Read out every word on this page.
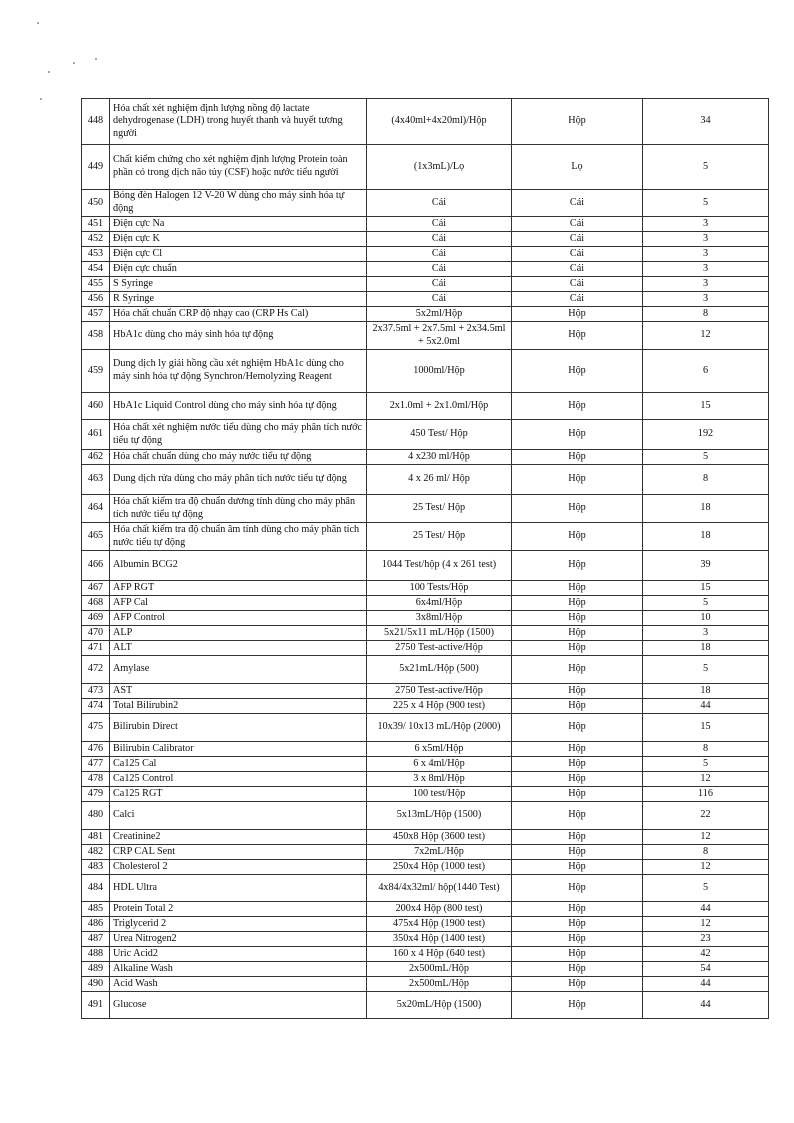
448	Hóa chất xét nghiệm định lượng nồng độ lactate dehydrogenase (LDH) trong huyết thanh và huyết tương người	(4x40ml+4x20ml)/Hộp	Hộp	34
449	Chất kiểm chứng cho xét nghiệm định lượng Protein toàn phần có trong dịch não tủy (CSF) hoặc nước tiểu người	(1x3mL)/Lọ	Lọ	5
450	Bóng đèn Halogen 12 V-20 W dùng cho máy sinh hóa tự động	Cái	Cái	5
451	Điện cực Na	Cái	Cái	3
452	Điện cực K	Cái	Cái	3
453	Điện cực Cl	Cái	Cái	3
454	Điện cực chuẩn	Cái	Cái	3
455	S Syringe	Cái	Cái	3
456	R Syringe	Cái	Cái	3
457	Hóa chất chuẩn CRP độ nhạy cao (CRP Hs Cal)	5x2ml/Hộp	Hộp	8
458	HbA1c dùng cho máy sinh hóa tự động	2x37.5ml + 2x7.5ml + 2x34.5ml + 5x2.0ml	Hộp	12
459	Dung dịch ly giải hồng cầu xét nghiệm HbA1c dùng cho máy sinh hóa tự động Synchron/Hemolyzing Reagent	1000ml/Hộp	Hộp	6
460	HbA1c Liquid Control dùng cho máy sinh hóa tự động	2x1.0ml + 2x1.0ml/Hộp	Hộp	15
461	Hóa chất xét nghiệm nước tiểu dùng cho máy phân tích nước tiểu tự động	450 Test/ Hộp	Hộp	192
462	Hóa chất chuẩn dùng cho máy nước tiểu tự động	4 x230 ml/Hộp	Hộp	5
463	Dung dịch rửa dùng cho máy phân tích nước tiểu tự động	4 x 26 ml/ Hộp	Hộp	8
464	Hóa chất kiểm tra độ chuẩn dương tính dùng cho máy phân tích nước tiểu tự động	25 Test/ Hộp	Hộp	18
465	Hóa chất kiểm tra độ chuẩn âm tính dùng cho máy phân tích nước tiểu tự động	25 Test/ Hộp	Hộp	18
466	Albumin BCG2	1044 Test/hộp (4 x 261 test)	Hộp	39
467	AFP RGT	100 Tests/Hộp	Hộp	15
468	AFP Cal	6x4ml/Hộp	Hộp	5
469	AFP Control	3x8ml/Hộp	Hộp	10
470	ALP	5x21/5x11 mL/Hộp (1500)	Hộp	3
471	ALT	2750 Test-active/Hộp	Hộp	18
472	Amylase	5x21mL/Hộp (500)	Hộp	5
473	AST	2750 Test-active/Hộp	Hộp	18
474	Total Bilirubin2	225 x 4 Hộp (900 test)	Hộp	44
475	Bilirubin Direct	10x39/ 10x13 mL/Hộp (2000)	Hộp	15
476	Bilirubin Calibrator	6 x5ml/Hộp	Hộp	8
477	Ca125 Cal	6 x 4ml/Hộp	Hộp	5
478	Ca125 Control	3 x 8ml/Hộp	Hộp	12
479	Ca125 RGT	100 test/Hộp	Hộp	116
480	Calci	5x13mL/Hộp (1500)	Hộp	22
481	Creatinine2	450x8 Hộp (3600 test)	Hộp	12
482	CRP CAL Sent	7x2mL/Hộp	Hộp	8
483	Cholesterol 2	250x4 Hộp (1000 test)	Hộp	12
484	HDL Ultra	4x84/4x32ml/ hộp(1440 Test)	Hộp	5
485	Protein Total 2	200x4 Hộp (800 test)	Hộp	44
486	Triglycerid 2	475x4 Hộp (1900 test)	Hộp	12
487	Urea Nitrogen2	350x4 Hộp (1400 test)	Hộp	23
488	Uric Acid2	160 x 4 Hộp (640 test)	Hộp	42
489	Alkaline Wash	2x500mL/Hộp	Hộp	54
490	Acid Wash	2x500mL/Hộp	Hộp	44
491	Glucose	5x20mL/Hộp (1500)	Hộp	44
